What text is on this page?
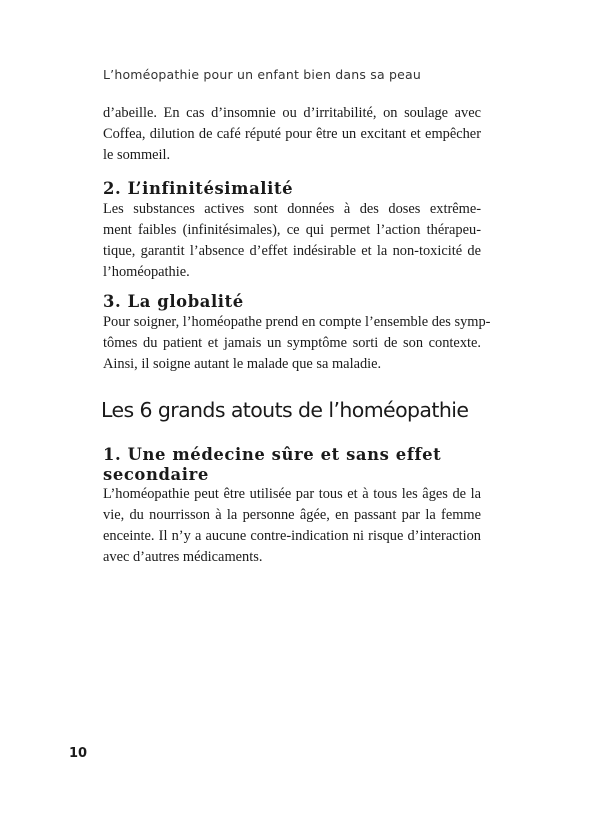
L’homéopathie pour un enfant bien dans sa peau

d’abeille. En cas d’insomnie ou d’irritabilité, on soulage avec
Coffea, dilution de café réputé pour être un excitant et empêcher
le sommeil.

2. L’infinitésimalité

Les substances actives sont données à des doses extrême-
ment faibles (infinitésimales), ce qui permet l’action thérapeu-
tique, garantit l’absence d’effet indésirable et la non-toxicité de
l’homéopathie.

3. La globalité

Pour soigner, l’homéopathe prend en compte l’ensemble des symp-
tômes du patient et jamais un symptôme sorti de son contexte.
Ainsi, il soigne autant le malade que sa maladie.

Les 6 grands atouts de l’homéopathie
1. Une médecine sûre et sans effet
secondaire

L’homéopathie peut être utilisée par tous et à tous les âges de la
vie, du nourrisson à la personne âgée, en passant par la femme
enceinte. Il n’y a aucune contre-indication ni risque d’interaction
avec d’autres médicaments.

10
